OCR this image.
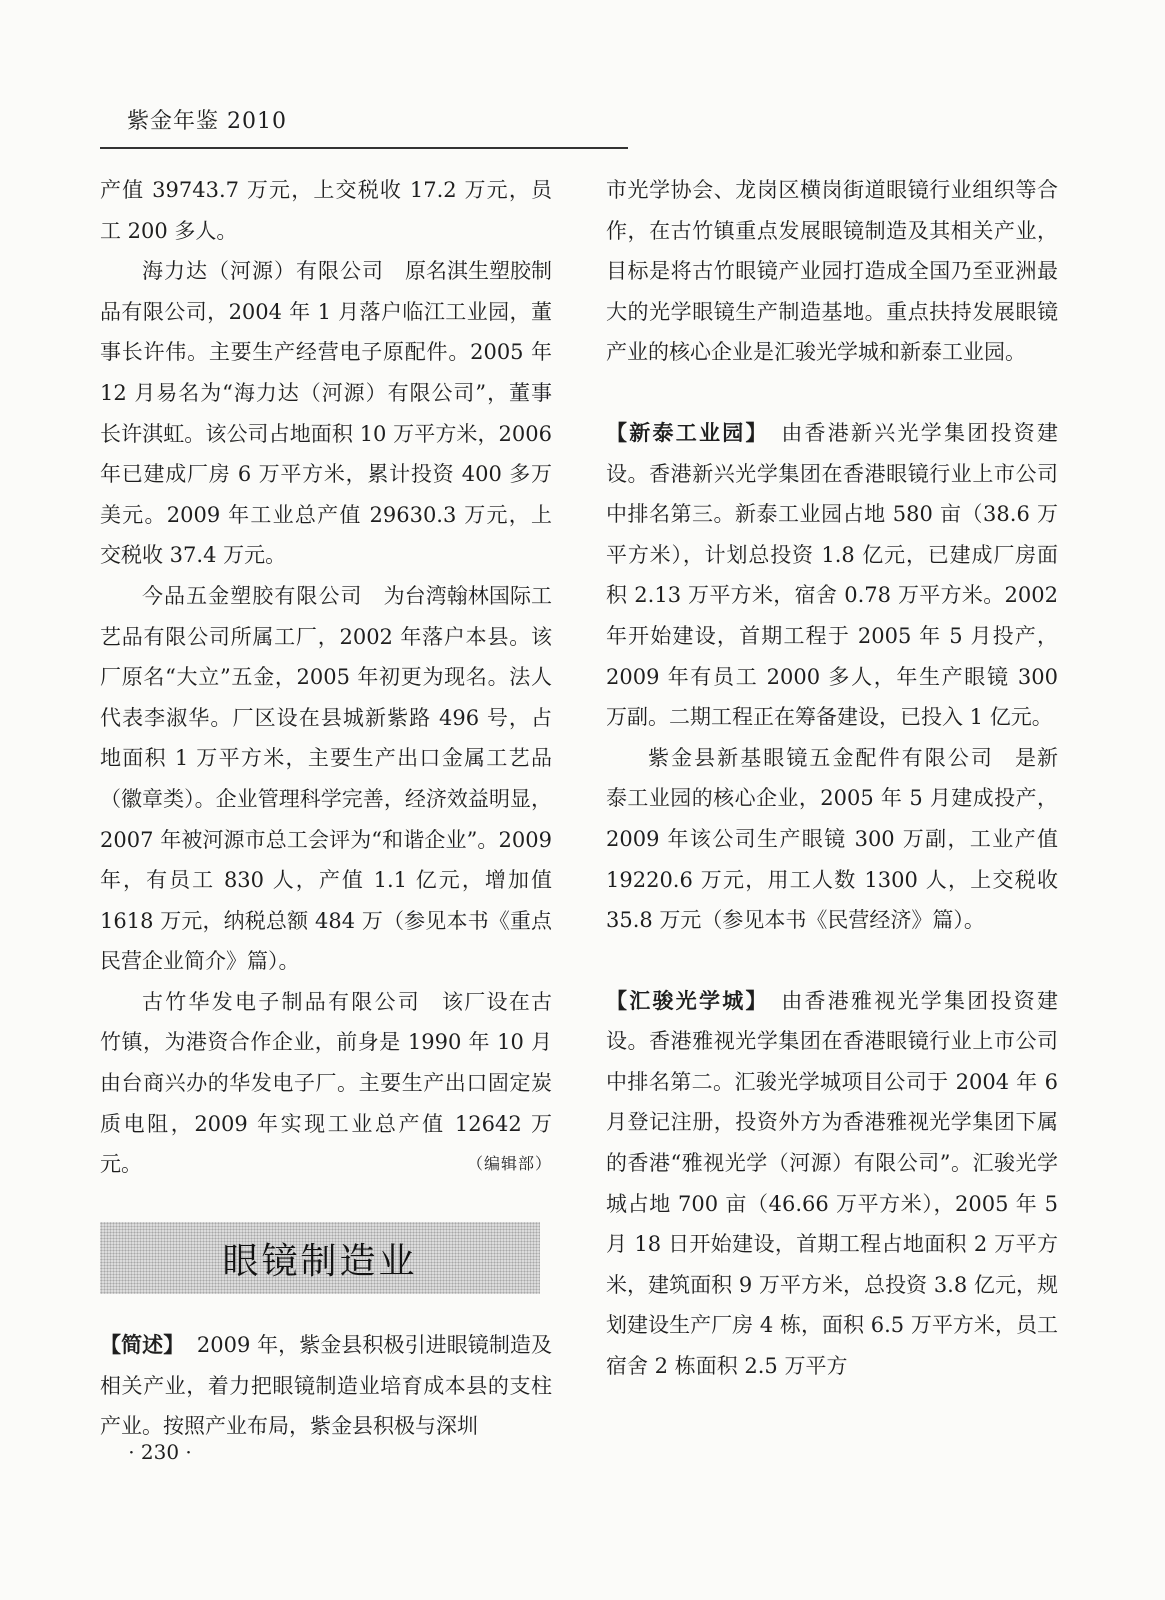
紫金年鉴 2010

产值 39743.7 万元，上交税收 17.2 万元，员工 200 多人。

海力达（河源）有限公司 原名淇生塑胶制品有限公司，2004 年 1 月落户临江工业园，董事长许伟。主要生产经营电子原配件。2005 年 12 月易名为“海力达（河源）有限公司”，董事长许淇虹。该公司占地面积 10 万平方米，2006 年已建成厂房 6 万平方米，累计投资 400 多万美元。2009 年工业总产值 29630.3 万元，上交税收 37.4 万元。

今品五金塑胶有限公司 为台湾翰林国际工艺品有限公司所属工厂，2002 年落户本县。该厂原名“大立”五金，2005 年初更为现名。法人代表李淑华。厂区设在县城新紫路 496 号，占地面积 1 万平方米，主要生产出口金属工艺品（徽章类）。企业管理科学完善，经济效益明显，2007 年被河源市总工会评为“和谐企业”。2009 年，有员工 830 人，产值 1.1 亿元，增加值 1618 万元，纳税总额 484 万（参见本书《重点民营企业简介》篇）。

古竹华发电子制品有限公司 该厂设在古竹镇，为港资合作企业，前身是 1990 年 10 月由台商兴办的华发电子厂。主要生产出口固定炭质电阻，2009 年实现工业总产值 12642 万元。	（编辑部）

眼镜制造业

【简述】 2009 年，紫金县积极引进眼镜制造及相关产业，着力把眼镜制造业培育成本县的支柱产业。按照产业布局，紫金县积极与深圳

· 230 ·

市光学协会、龙岗区横岗街道眼镜行业组织等合作，在古竹镇重点发展眼镜制造及其相关产业，目标是将古竹眼镜产业园打造成全国乃至亚洲最大的光学眼镜生产制造基地。重点扶持发展眼镜产业的核心企业是汇骏光学城和新泰工业园。

【新泰工业园】 由香港新兴光学集团投资建设。香港新兴光学集团在香港眼镜行业上市公司中排名第三。新泰工业园占地 580 亩（38.6 万平方米），计划总投资 1.8 亿元，已建成厂房面积 2.13 万平方米，宿舍 0.78 万平方米。2002 年开始建设，首期工程于 2005 年 5 月投产，2009 年有员工 2000 多人，年生产眼镜 300 万副。二期工程正在筹备建设，已投入 1 亿元。

紫金县新基眼镜五金配件有限公司 是新泰工业园的核心企业，2005 年 5 月建成投产，2009 年该公司生产眼镜 300 万副，工业产值 19220.6 万元，用工人数 1300 人，上交税收 35.8 万元（参见本书《民营经济》篇）。

【汇骏光学城】 由香港雅视光学集团投资建设。香港雅视光学集团在香港眼镜行业上市公司中排名第二。汇骏光学城项目公司于 2004 年 6 月登记注册，投资外方为香港雅视光学集团下属的香港“雅视光学（河源）有限公司”。汇骏光学城占地 700 亩（46.66 万平方米），2005 年 5 月 18 日开始建设，首期工程占地面积 2 万平方米，建筑面积 9 万平方米，总投资 3.8 亿元，规划建设生产厂房 4 栋，面积 6.5 万平方米，员工宿舍 2 栋面积 2.5 万平方
